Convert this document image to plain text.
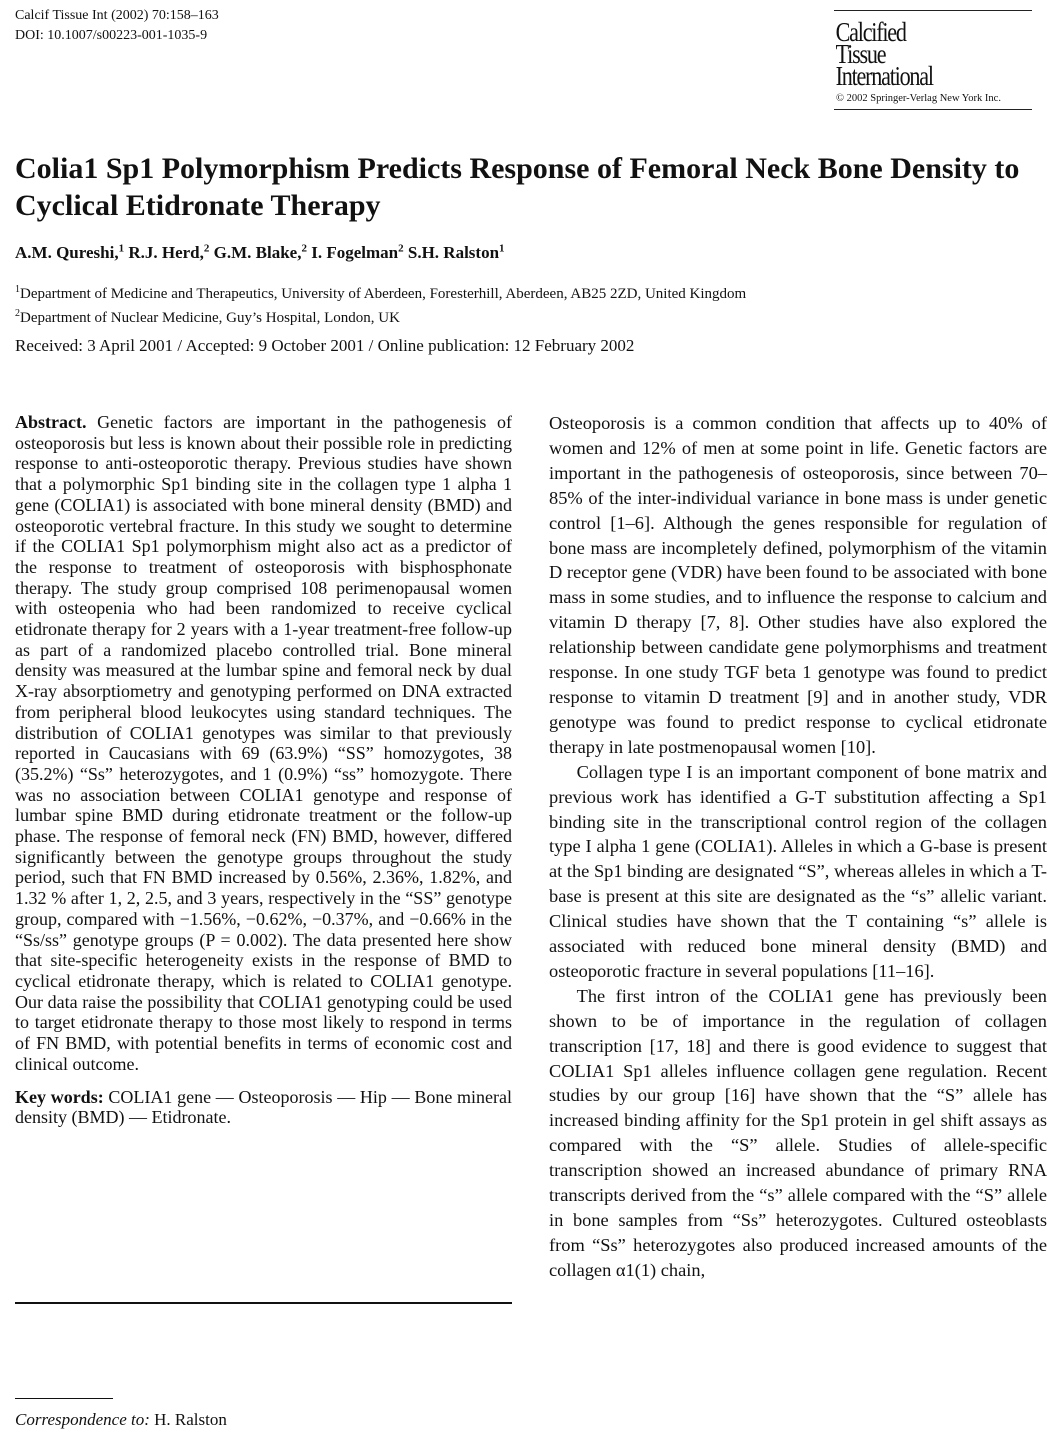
Calcif Tissue Int (2002) 70:158–163
DOI: 10.1007/s00223-001-1035-9	Calcified
Tissue
International
© 2002 Springer-Verlag New York Inc.
Colia1 Sp1 Polymorphism Predicts Response of Femoral Neck Bone Density to Cyclical Etidronate Therapy
A.M. Qureshi,$^1$ R.J. Herd,$^2$ G.M. Blake,$^2$ I. Fogelman$^2$ S.H. Ralston$^1$
$^1$Department of Medicine and Therapeutics, University of Aberdeen, Foresterhill, Aberdeen, AB25 2ZD, United Kingdom
$^2$Department of Nuclear Medicine, Guy’s Hospital, London, UK
Received: 3 April 2001 / Accepted: 9 October 2001 / Online publication: 12 February 2002

Abstract. Genetic factors are important in the pathogenesis of osteoporosis but less is known about their possible role in predicting response to anti-osteoporotic therapy. Previous studies have shown that a polymorphic Sp1 binding site in the collagen type 1 alpha 1 gene (COLIA1) is associated with bone mineral density (BMD) and osteoporotic vertebral fracture. In this study we sought to determine if the COLIA1 Sp1 polymorphism might also act as a predictor of the response to treatment of osteoporosis with bisphosphonate therapy. The study group comprised 108 perimenopausal women with osteopenia who had been randomized to receive cyclical etidronate therapy for 2 years with a 1-year treatment-free follow-up as part of a randomized placebo controlled trial. Bone mineral density was measured at the lumbar spine and femoral neck by dual X-ray absorptiometry and genotyping performed on DNA extracted from peripheral blood leukocytes using standard techniques. The distribution of COLIA1 genotypes was similar to that previously reported in Caucasians with 69 (63.9%) “SS” homozygotes, 38 (35.2%) “Ss” heterozygotes, and 1 (0.9%) “ss” homozygote. There was no association between COLIA1 genotype and response of lumbar spine BMD during etidronate treatment or the follow-up phase. The response of femoral neck (FN) BMD, however, differed significantly between the genotype groups throughout the study period, such that FN BMD increased by 0.56%, 2.36%, 1.82%, and 1.32 % after 1, 2, 2.5, and 3 years, respectively in the “SS” genotype group, compared with −1.56%, −0.62%, −0.37%, and −0.66% in the “Ss/ss” genotype groups (P = 0.002). The data presented here show that site-specific heterogeneity exists in the response of BMD to cyclical etidronate therapy, which is related to COLIA1 genotype. Our data raise the possibility that COLIA1 genotyping could be used to target etidronate therapy to those most likely to respond in terms of FN BMD, with potential benefits in terms of economic cost and clinical outcome.

Key words: COLIA1 gene — Osteoporosis — Hip — Bone mineral density (BMD) — Etidronate.

Correspondence to: H. Ralston

Osteoporosis is a common condition that affects up to 40% of women and 12% of men at some point in life. Genetic factors are important in the pathogenesis of osteoporosis, since between 70–85% of the inter-individual variance in bone mass is under genetic control [1–6]. Although the genes responsible for regulation of bone mass are incompletely defined, polymorphism of the vitamin D receptor gene (VDR) have been found to be associated with bone mass in some studies, and to influence the response to calcium and vitamin D therapy [7, 8]. Other studies have also explored the relationship between candidate gene polymorphisms and treatment response. In one study TGF beta 1 genotype was found to predict response to vitamin D treatment [9] and in another study, VDR genotype was found to predict response to cyclical etidronate therapy in late postmenopausal women [10].

Collagen type I is an important component of bone matrix and previous work has identified a G-T substitution affecting a Sp1 binding site in the transcriptional control region of the collagen type I alpha 1 gene (COLIA1). Alleles in which a G-base is present at the Sp1 binding are designated “S”, whereas alleles in which a T-base is present at this site are designated as the “s” allelic variant. Clinical studies have shown that the T containing “s” allele is associated with reduced bone mineral density (BMD) and osteoporotic fracture in several populations [11–16].

The first intron of the COLIA1 gene has previously been shown to be of importance in the regulation of collagen transcription [17, 18] and there is good evidence to suggest that COLIA1 Sp1 alleles influence collagen gene regulation. Recent studies by our group [16] have shown that the “S” allele has increased binding affinity for the Sp1 protein in gel shift assays as compared with the “S” allele. Studies of allele-specific transcription showed an increased abundance of primary RNA transcripts derived from the “s” allele compared with the “S” allele in bone samples from “Ss” heterozygotes. Cultured osteoblasts from “Ss” heterozygotes also produced increased amounts of the collagen α1(1) chain,
